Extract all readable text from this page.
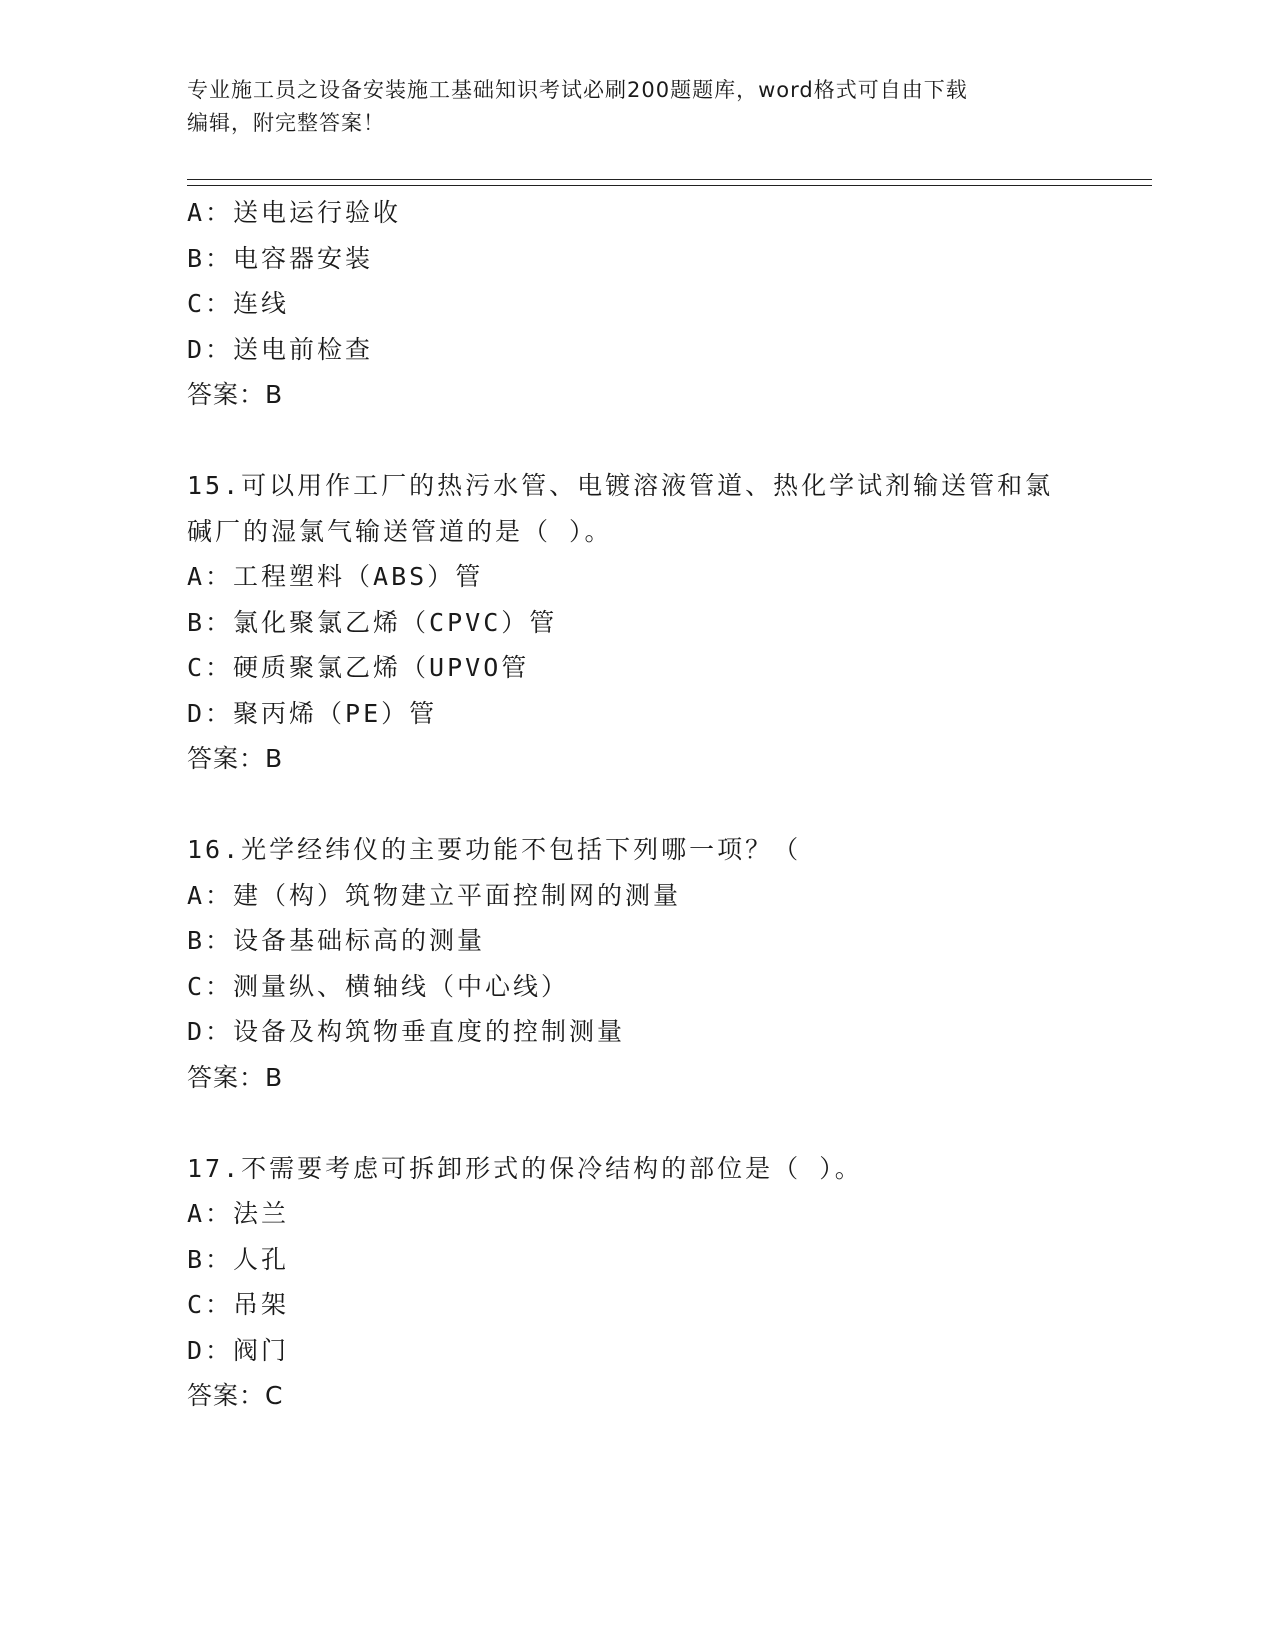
专业施工员之设备安装施工基础知识考试必刷200题题库，word格式可自由下载
编辑，附完整答案！
A：送电运行验收
B：电容器安装
C：连线
D：送电前检查
答案：B
15.可以用作工厂的热污水管、电镀溶液管道、热化学试剂输送管和氯
碱厂的湿氯气输送管道的是（ ）。
A：工程塑料（ABS）管
B：氯化聚氯乙烯（CPVC）管
C：硬质聚氯乙烯（UPVO管
D：聚丙烯（PE）管
答案：B
16.光学经纬仪的主要功能不包括下列哪一项？（
A：建（构）筑物建立平面控制网的测量
B：设备基础标高的测量
C：测量纵、横轴线（中心线）
D：设备及构筑物垂直度的控制测量
答案：B
17.不需要考虑可拆卸形式的保冷结构的部位是（ ）。
A：法兰
B：人孔
C：吊架
D：阀门
答案：C
